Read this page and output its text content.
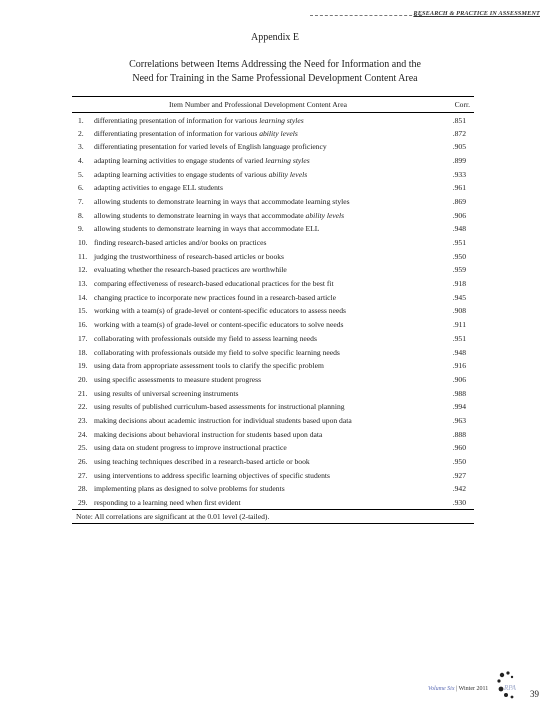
RESEARCH & PRACTICE IN ASSESSMENT
Appendix E
Correlations between Items Addressing the Need for Information and the
Need for Training in the Same Professional Development Content Area
Item Number and Professional Development Content Area		Corr.
1.	differentiating presentation of information for various learning styles	.851
2.	differentiating presentation of information for various ability levels	.872
3.	differentiating presentation for varied levels of English language proficiency	.905
4.	adapting learning activities to engage students of varied learning styles	.899
5.	adapting learning activities to engage students of various ability levels	.933
6.	adapting activities to engage ELL students	.961
7.	allowing students to demonstrate learning in ways that accommodate learning styles	.869
8.	allowing students to demonstrate learning in ways that accommodate ability levels	.906
9.	allowing students to demonstrate learning in ways that accommodate ELL	.948
10.	finding research-based articles and/or books on practices	.951
11.	judging the trustworthiness of research-based articles or books	.950
12.	evaluating whether the research-based practices are worthwhile	.959
13.	comparing effectiveness of research-based educational practices for the best fit	.918
14.	changing practice to incorporate new practices found in a research-based article	.945
15.	working with a team(s) of grade-level or content-specific educators to assess needs	.908
16.	working with a team(s) of grade-level or content-specific educators to solve needs	.911
17.	collaborating with professionals outside my field to assess learning needs	.951
18.	collaborating with professionals outside my field to solve specific learning needs	.948
19.	using data from appropriate assessment tools to clarify the specific problem	.916
20.	using specific assessments to measure student progress	.906
21.	using results of universal screening instruments	.988
22.	using results of published curriculum-based assessments for instructional planning	.994
23.	making decisions about academic instruction for individual students based upon data	.963
24.	making decisions about behavioral instruction for students based upon data	.888
25.	using data on student progress to improve instructional practice	.960
26.	using teaching techniques described in a research-based article or book	.950
27.	using interventions to address specific learning objectives of specific students	.927
28.	implementing plans as designed to solve problems for students	.942
29.	responding to a learning need when first evident	.930
Note: All correlations are significant at the 0.01 level (2-tailed).		
Volume Six | Winter 2011 RPA
39
